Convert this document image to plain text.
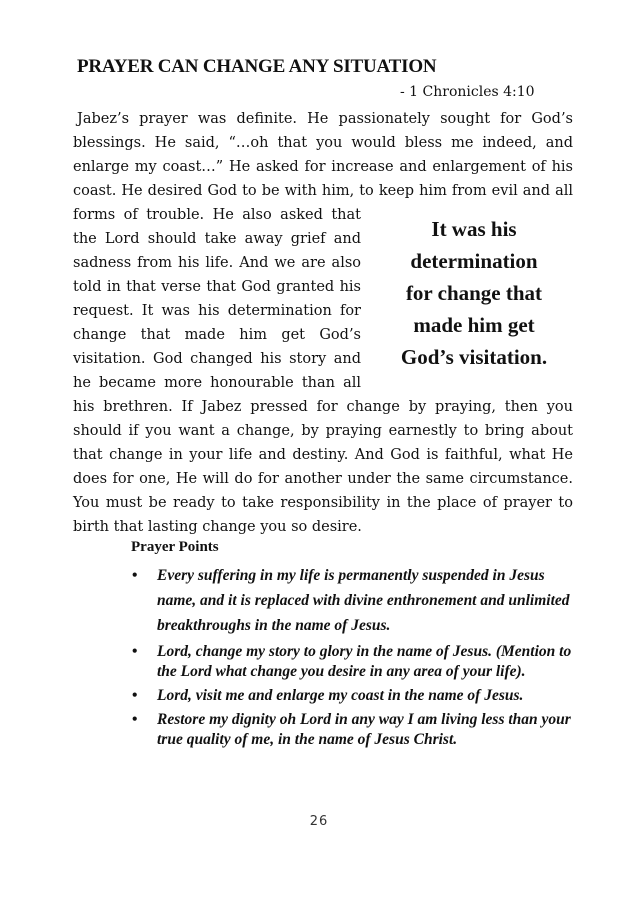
PRAYER CAN CHANGE ANY SITUATION
- 1 Chronicles 4:10
Jabez’s prayer was definite. He passionately sought for God’s
blessings. He said, “…oh that you would bless me indeed, and
enlarge my coast…” He asked for increase and enlargement of his
coast. He desired God to be with him, to keep him from evil and all
forms of trouble. He also asked that
the Lord should take away grief and
sadness from his life. And we are also
told in that verse that God granted his
request. It was his determination for
change that made him get God’s
visitation. God changed his story and
he became more honourable than all
It was his
determination
for change that
made him get
God’s visitation.
his brethren. If Jabez pressed for change by praying, then you
should if you want a change, by praying earnestly to bring about
that change in your life and destiny. And God is faithful, what He
does for one, He will do for another under the same circumstance.
You must be ready to take responsibility in the place of prayer to
birth that lasting change you so desire.
Prayer Points
• Every suffering in my life is permanently suspended in Jesus name, and it is replaced with divine enthronement and unlimited breakthroughs in the name of Jesus.
• Lord, change my story to glory in the name of Jesus. (Mention to the Lord what change you desire in any area of your life).
• Lord, visit me and enlarge my coast in the name of Jesus.
• Restore my dignity oh Lord in any way I am living less than your true quality of me, in the name of Jesus Christ.
26
